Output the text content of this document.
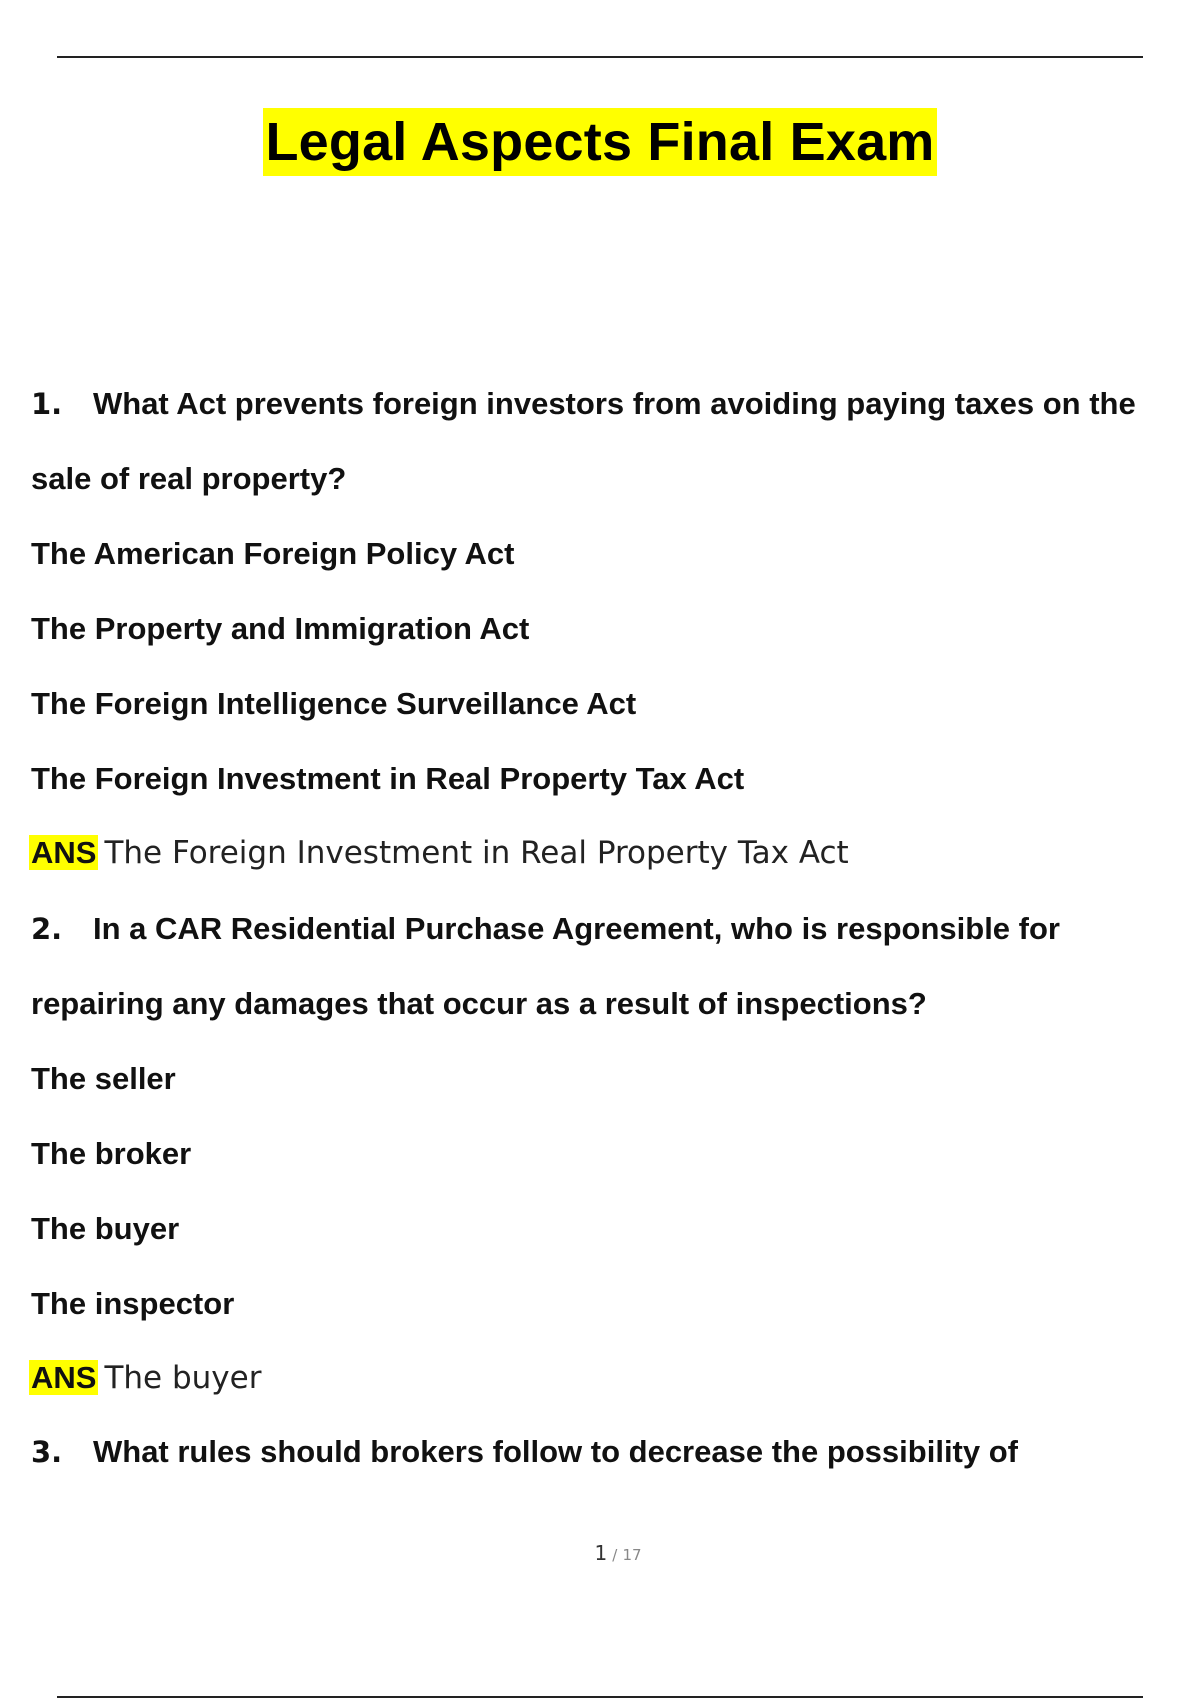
Legal Aspects Final Exam
1. What Act prevents foreign investors from avoiding paying taxes on the
sale of real property?
The American Foreign Policy Act
The Property and Immigration Act
The Foreign Intelligence Surveillance Act
The Foreign Investment in Real Property Tax Act
ANS The Foreign Investment in Real Property Tax Act
2. In a CAR Residential Purchase Agreement, who is responsible for
repairing any damages that occur as a result of inspections?
The seller
The broker
The buyer
The inspector
ANS The buyer
3. What rules should brokers follow to decrease the possibility of
1 / 17
